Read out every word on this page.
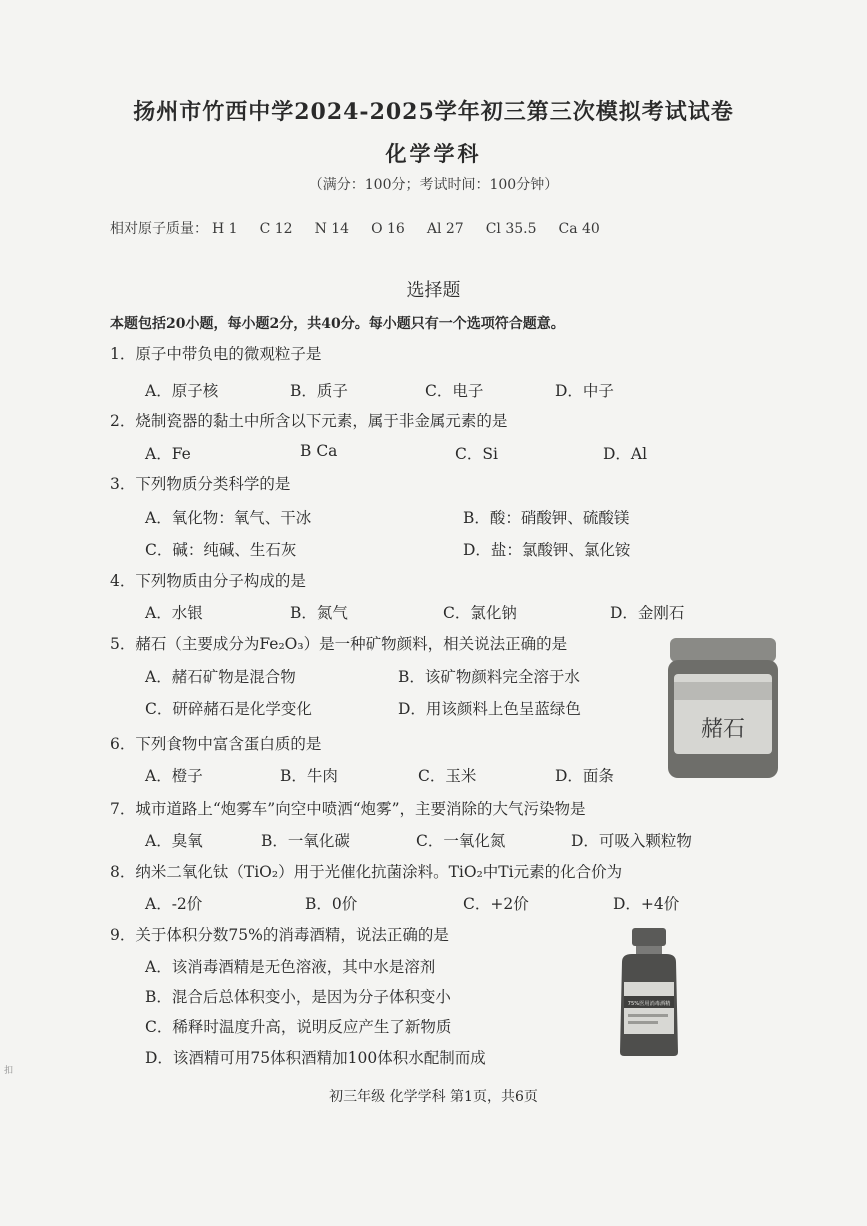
扬州市竹西中学2024-2025学年初三第三次模拟考试试卷
化学学科
（满分：100分；考试时间：100分钟）
相对原子质量： H 1 C 12 N 14 O 16 Al 27 Cl 35.5 Ca 40
选择题
本题包括20小题，每小题2分，共40分。每小题只有一个选项符合题意。
1．原子中带负电的微观粒子是
A．原子核	B．质子	C．电子	D．中子
2．烧制瓷器的黏土中所含以下元素，属于非金属元素的是
A．Fe	B Ca	C．Si	D．Al
3．下列物质分类科学的是
A．氧化物：氧气、干冰	B．酸：硝酸钾、硫酸镁
C．碱：纯碱、生石灰	D．盐：氯酸钾、氯化铵
4．下列物质由分子构成的是
A．水银	B．氮气	C．氯化钠	D．金刚石
5．赭石（主要成分为Fe₂O₃）是一种矿物颜料，相关说法正确的是
A．赭石矿物是混合物	B．该矿物颜料完全溶于水
C．研碎赭石是化学变化	D．用该颜料上色呈蓝绿色
赭石
6．下列食物中富含蛋白质的是
A．橙子	B．牛肉	C．玉米	D．面条
7．城市道路上“炮雾车”向空中喷洒“炮雾”，主要消除的大气污染物是
A．臭氧	B．一氧化碳	C．一氧化氮	D．可吸入颗粒物
8．纳米二氧化钛（TiO₂）用于光催化抗菌涂料。TiO₂中Ti元素的化合价为
A．-2价	B．0价	C．+2价	D．+4价
9．关于体积分数75%的消毒酒精，说法正确的是
A．该消毒酒精是无色溶液，其中水是溶剂
B．混合后总体积变小，是因为分子体积变小
C．稀释时温度升高，说明反应产生了新物质
D．该酒精可用75体积酒精加100体积水配制而成
75%医用消毒酒精
初三年级 化学学科 第1页，共6页
扣
